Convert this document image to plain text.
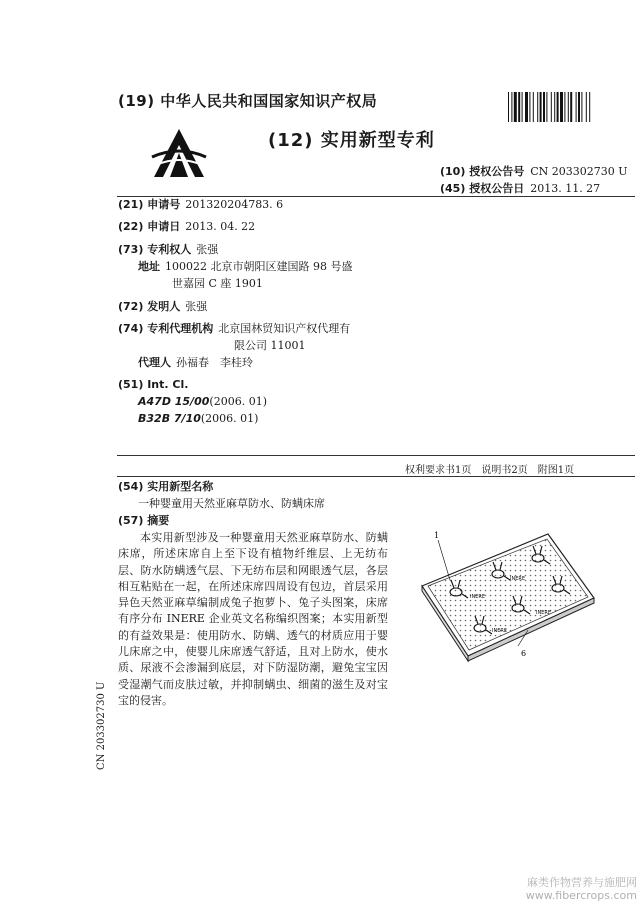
(19) 中华人民共和国国家知识产权局
(12) 实用新型专利
(10) 授权公告号 CN 203302730 U
(45) 授权公告日 2013. 11. 27
(21) 申请号 201320204783. 6
(22) 申请日 2013. 04. 22
(73) 专利权人 张强
地址 100022 北京市朝阳区建国路 98 号盛
世嘉园 C 座 1901
(72) 发明人 张强
(74) 专利代理机构 北京国林贸知识产权代理有
限公司 11001
代理人 孙福春　李桂玲
(51) Int. Cl.
A47D 15/00(2006. 01)
B32B 7/10(2006. 01)
权利要求书1页 说明书2页 附图1页
(54) 实用新型名称
一种婴童用天然亚麻草防水、防螨床席
(57) 摘要
本实用新型涉及一种婴童用天然亚麻草防水、防螨床席，所述床席自上至下设有植物纤维层、上无纺布层、防水防螨透气层、下无纺布层和网眼透气层，各层相互粘贴在一起，在所述床席四周设有包边，首层采用异色天然亚麻草编制成兔子抱萝卜、兔子头图案，床席有序分布 INERE 企业英文名称编织图案；本实用新型的有益效果是：使用防水、防螨、透气的材质应用于婴儿床席之中，使婴儿床席透气舒适，且对上防水，使水质、尿液不会渗漏到底层，对下防湿防潮，避兔宝宝因受湿潮气而皮肤过敏，并抑制螨虫、细菌的滋生及对宝宝的侵害。
INERE
INERE
INERE
INERE
1
6
CN 203302730 U
麻类作物营养与施肥网
www.fibercrops.com
